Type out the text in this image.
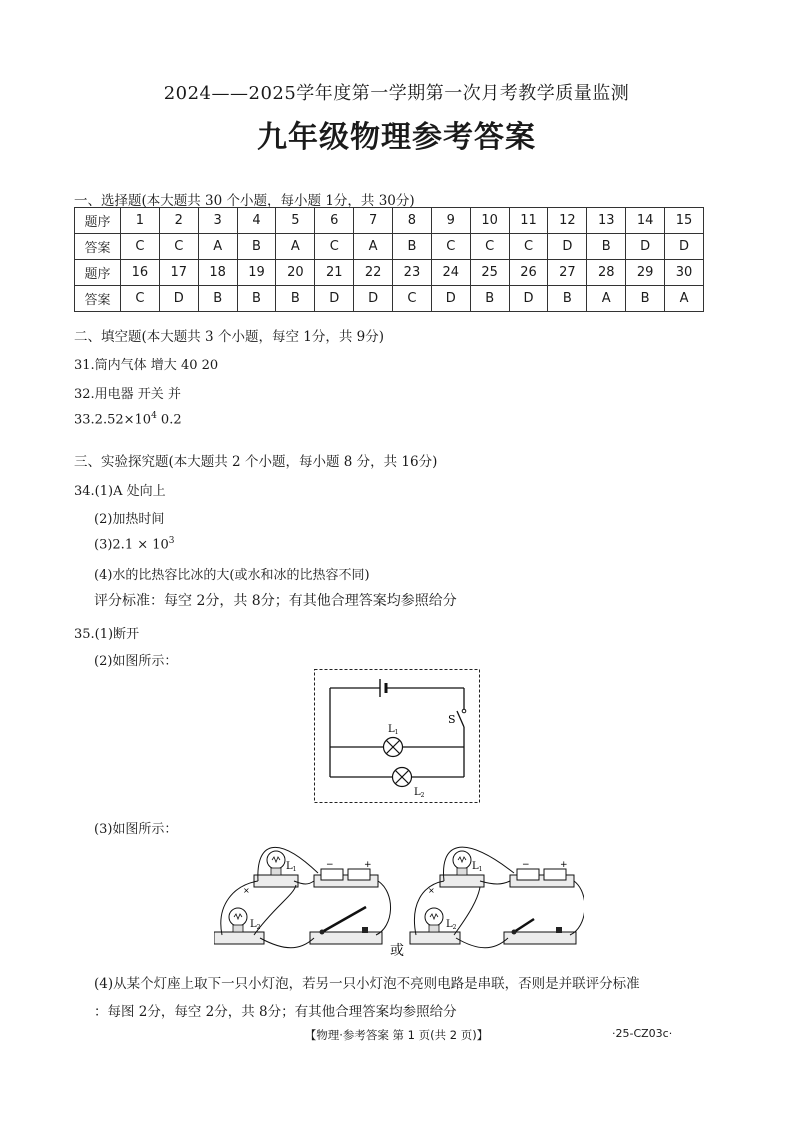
2024——2025学年度第一学期第一次月考教学质量监测
九年级物理参考答案
一、选择题(本大题共 30 个小题，每小题 1分，共 30分)
题序	1	2	3	4	5	6	7	8	9	10	11	12	13	14	15
答案	C	C	A	B	A	C	A	B	C	C	C	D	B	D	D
题序	16	17	18	19	20	21	22	23	24	25	26	27	28	29	30
答案	C	D	B	B	B	D	D	C	D	B	D	B	A	B	A
二、填空题(本大题共 3 个小题，每空 1分，共 9分)
31.筒内气体 增大 40 20
32.用电器 开关 并
$33.2.52\times 10^4$ 0.2
三、实验探究题(本大题共 2 个小题，每小题 8 分，共 16分)
34.(1)A 处向上
(2)加热时间
$(3)2.1 \times 10^3$
(4)水的比热容比冰的大(或水和冰的比热容不同)
评分标准：每空 2分，共 8分；有其他合理答案均参照给分
35.(1)断开
(2)如图所示：
S
$L_1$
$L_2$
(3)如图所示：
×
−	+
$L_1$
$L_2$
或
×
−	+
$L_1$
$L_2$
(4)从某个灯座上取下一只小灯泡，若另一只小灯泡不亮则电路是串联，否则是并联评分标准
：每图 2分，每空 2分，共 8分；有其他合理答案均参照给分
【物理·参考答案 第 1 页(共 2 页)】	·25-CZ03c·
